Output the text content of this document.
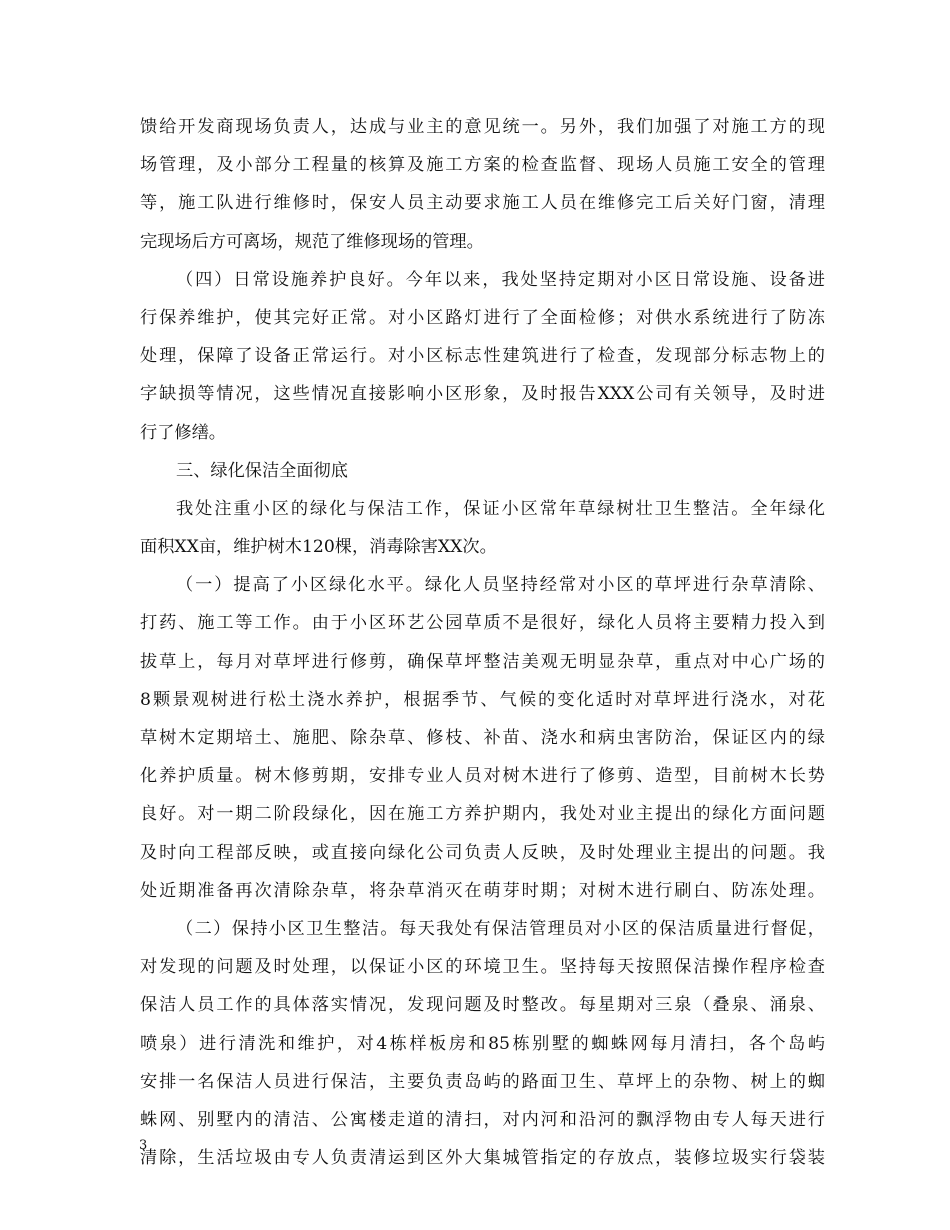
馈给开发商现场负责人，达成与业主的意见统一。另外，我们加强了对施工方的现
场管理，及小部分工程量的核算及施工方案的检查监督、现场人员施工安全的管理
等，施工队进行维修时，保安人员主动要求施工人员在维修完工后关好门窗，清理
完现场后方可离场，规范了维修现场的管理。
（四）日常设施养护良好。今年以来，我处坚持定期对小区日常设施、设备进
行保养维护，使其完好正常。对小区路灯进行了全面检修；对供水系统进行了防冻
处理，保障了设备正常运行。对小区标志性建筑进行了检查，发现部分标志物上的
字缺损等情况，这些情况直接影响小区形象，及时报告XXX公司有关领导，及时进
行了修缮。
三、绿化保洁全面彻底
我处注重小区的绿化与保洁工作，保证小区常年草绿树壮卫生整洁。全年绿化
面积XX亩，维护树木120棵，消毒除害XX次。
（一）提高了小区绿化水平。绿化人员坚持经常对小区的草坪进行杂草清除、
打药、施工等工作。由于小区环艺公园草质不是很好，绿化人员将主要精力投入到
拔草上，每月对草坪进行修剪，确保草坪整洁美观无明显杂草，重点对中心广场的
8颗景观树进行松土浇水养护，根据季节、气候的变化适时对草坪进行浇水，对花
草树木定期培土、施肥、除杂草、修枝、补苗、浇水和病虫害防治，保证区内的绿
化养护质量。树木修剪期，安排专业人员对树木进行了修剪、造型，目前树木长势
良好。对一期二阶段绿化，因在施工方养护期内，我处对业主提出的绿化方面问题
及时向工程部反映，或直接向绿化公司负责人反映，及时处理业主提出的问题。我
处近期准备再次清除杂草，将杂草消灭在萌芽时期；对树木进行刷白、防冻处理。
（二）保持小区卫生整洁。每天我处有保洁管理员对小区的保洁质量进行督促，
对发现的问题及时处理，以保证小区的环境卫生。坚持每天按照保洁操作程序检查
保洁人员工作的具体落实情况，发现问题及时整改。每星期对三泉（叠泉、涌泉、
喷泉）进行清洗和维护，对4栋样板房和85栋别墅的蜘蛛网每月清扫，各个岛屿
安排一名保洁人员进行保洁，主要负责岛屿的路面卫生、草坪上的杂物、树上的蜘
蛛网、别墅内的清洁、公寓楼走道的清扫，对内河和沿河的飘浮物由专人每天进行
清除，生活垃圾由专人负责清运到区外大集城管指定的存放点，装修垃圾实行袋装
3
